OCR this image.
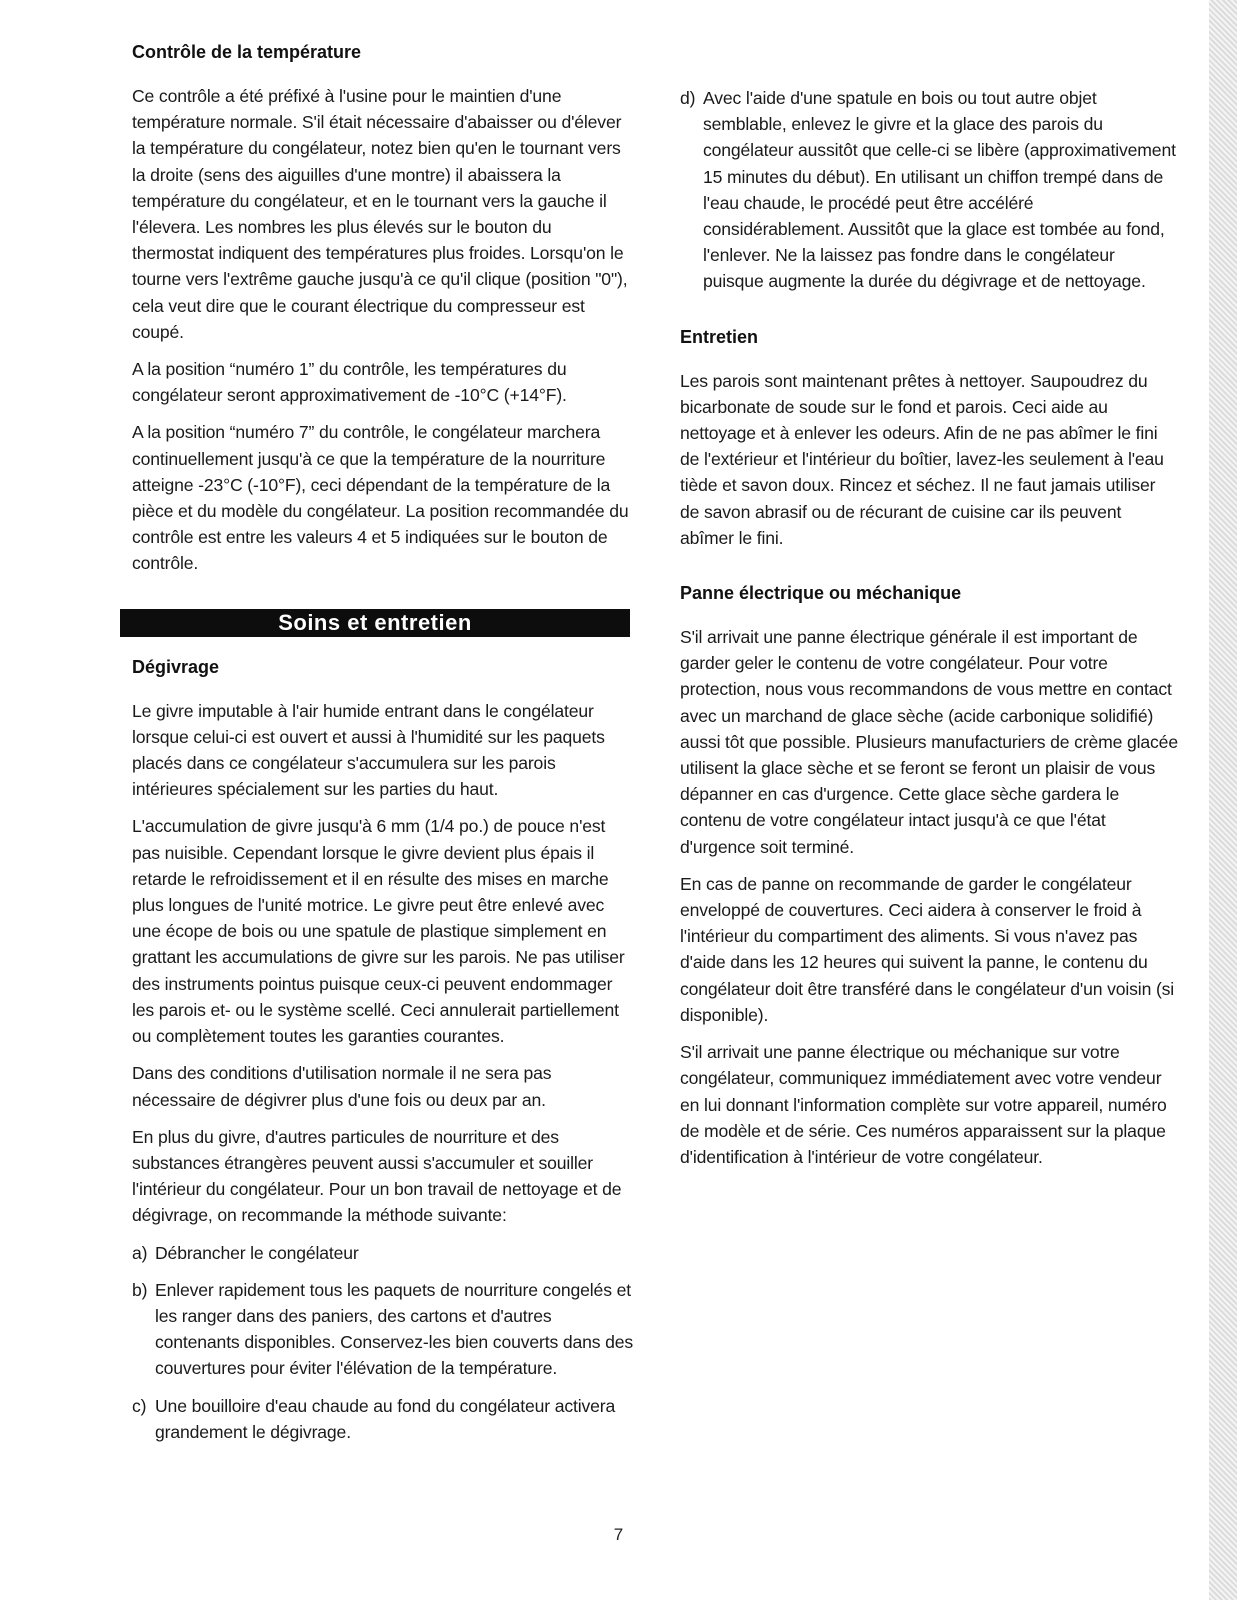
Contrôle de la température

Ce contrôle a été préfixé à l'usine pour le maintien d'une température normale. S'il était nécessaire d'abaisser ou d'élever la température du congélateur, notez bien qu'en le tournant vers la droite (sens des aiguilles d'une montre) il abaissera la température du congélateur, et en le tournant vers la gauche il l'élevera. Les nombres les plus élevés sur le bouton du thermostat indiquent des températures plus froides. Lorsqu'on le tourne vers l'extrême gauche jusqu'à ce qu'il clique (position "0"), cela veut dire que le courant électrique du compresseur est coupé.

A la position “numéro 1” du contrôle, les températures du congélateur seront approximativement de -10°C (+14°F).

A la position “numéro 7” du contrôle, le congélateur marchera continuellement jusqu'à ce que la température de la nourriture atteigne -23°C (-10°F), ceci dépendant de la température de la pièce et du modèle du congélateur. La position recommandée du contrôle est entre les valeurs 4 et 5 indiquées sur le bouton de contrôle.

Soins et entretien
Dégivrage

Le givre imputable à l'air humide entrant dans le congélateur lorsque celui-ci est ouvert et aussi à l'humidité sur les paquets placés dans ce congélateur s'accumulera sur les parois intérieures spécialement sur les parties du haut.

L'accumulation de givre jusqu'à 6 mm (1/4 po.) de pouce n'est pas nuisible. Cependant lorsque le givre devient plus épais il retarde le refroidissement et il en résulte des mises en marche plus longues de l'unité motrice. Le givre peut être enlevé avec une écope de bois ou une spatule de plastique simplement en grattant les accumulations de givre sur les parois. Ne pas utiliser des instruments pointus puisque ceux-ci peuvent endommager les parois et- ou le système scellé. Ceci annulerait partiellement ou complètement toutes les garanties courantes.

Dans des conditions d'utilisation normale il ne sera pas nécessaire de dégivrer plus d'une fois ou deux par an.

En plus du givre, d'autres particules de nourriture et des substances étrangères peuvent aussi s'accumuler et souiller l'intérieur du congélateur. Pour un bon travail de nettoyage et de dégivrage, on recommande la méthode suivante:

a) Débrancher le congélateur
b) Enlever rapidement tous les paquets de nourriture congelés et les ranger dans des paniers, des cartons et d'autres contenants disponibles. Conservez-les bien couverts dans des couvertures pour éviter l'élévation de la température.
c) Une bouilloire d'eau chaude au fond du congélateur activera grandement le dégivrage.
d) Avec l'aide d'une spatule en bois ou tout autre objet semblable, enlevez le givre et la glace des parois du congélateur aussitôt que celle-ci se libère (approximativement 15 minutes du début). En utilisant un chiffon trempé dans de l'eau chaude, le procédé peut être accéléré considérablement. Aussitôt que la glace est tombée au fond, l'enlever. Ne la laissez pas fondre dans le congélateur puisque augmente la durée du dégivrage et de nettoyage.
Entretien

Les parois sont maintenant prêtes à nettoyer. Saupoudrez du bicarbonate de soude sur le fond et parois. Ceci aide au nettoyage et à enlever les odeurs. Afin de ne pas abîmer le fini de l'extérieur et l'intérieur du boîtier, lavez-les seulement à l'eau tiède et savon doux. Rincez et séchez. Il ne faut jamais utiliser de savon abrasif ou de récurant de cuisine car ils peuvent abîmer le fini.

Panne électrique ou méchanique

S'il arrivait une panne électrique générale il est important de garder geler le contenu de votre congélateur. Pour votre protection, nous vous recommandons de vous mettre en contact avec un marchand de glace sèche (acide carbonique solidifié) aussi tôt que possible. Plusieurs manufacturiers de crème glacée utilisent la glace sèche et se feront se feront un plaisir de vous dépanner en cas d'urgence. Cette glace sèche gardera le contenu de votre congélateur intact jusqu'à ce que l'état d'urgence soit terminé.

En cas de panne on recommande de garder le congélateur enveloppé de couvertures. Ceci aidera à conserver le froid à l'intérieur du compartiment des aliments. Si vous n'avez pas d'aide dans les 12 heures qui suivent la panne, le contenu du congélateur doit être transféré dans le congélateur d'un voisin (si disponible).

S'il arrivait une panne électrique ou méchanique sur votre congélateur, communiquez immédiatement avec votre vendeur en lui donnant l'information complète sur votre appareil, numéro de modèle et de série. Ces numéros apparaissent sur la plaque d'identification à l'intérieur de votre congélateur.

7
